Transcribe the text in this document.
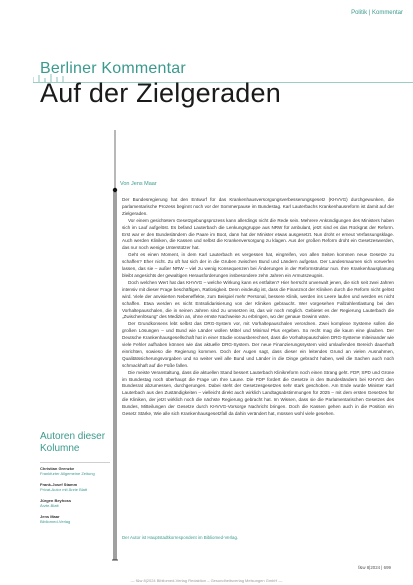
Politik | Kommentar
Berliner Kommentar
Auf der Zielgeraden
Von Jens Maar

Der Bundesregierung hat den Entwurf für das Krankenhausversorgungsverbesserungsgesetz (KHVVG) durchgewunken, die parlamentarische Prozess beginnt noch vor der Sommerpause im Bundestag. Karl Lauterbachs Krankenhausreform ist damit auf der Zielgeraden.

Vor einem gesichtetem Gesetzgebungsprozess kann allerdings nicht die Rede sein. Mehrere Ankündigungen des Ministers haben sich im Lauf aufgelöst. Es befand Lauterbach die Lenkungsgruppe aus NRW für ambulant, jetzt sind es das Rückgrat der Reform. Erst war er den Bundesländern die Paare im Boot, dann hat der Minister etwas ausgesetzt. Nun droht er erneut Verfassungsklage. Auch werden Kliniken, die Kassen und selbst die Krankenversorgung zu klagen. Aus der großen Reform droht ein Gesetzeswerden, das nur noch wenige Unterstützer hat.

Geht es einen Moment, in dem Karl Lauterbach es vergessen hat, eingreifen, von allen Seiten kommen neue Gesetze zu schaffen? Eher nicht. Zu oft hat sich der in die Gruben zwischen Bund und Ländern aufgetan. Der Landesmaumen sich vorwerfen lassen, das sie – außer NRW – viel zu wenig Konsequenzen bei Änderungen in der Reformstruktur nun. Ihre Krankenhausplanung bleibt angesichts der gewaltigen Herausforderungen insbesondere zehn Jahren ein Armutszeugnis.

Doch welchen Wert hat das KHVVG – welche Wirkung kann es entfalten? Hier herrscht unverwalt jenen, die sich seit zwei Jahren intensiv mit dieser Frage beschäftigen, Ratlosigkeit. Denn eindeutig ist, dass die Finanznot der Kliniken durch die Reform nicht gelöst wird. Viele der anvisierten Nebeneffekte, zum Beispiel mehr Personal, bessere Klinik, werden ins Leere laufen und werden es nicht schaffen. Etwa werden es nicht Entsolidarisierung von der Kliniken gebraucht. Wer vorgesehen Fallzahlentlastung bei den Vorhaltepauschalen, die in seinen Jahren sind zu umsetzen ist, das wir noch möglich. Gebietet es der Regierung Lauterbach die „Zwischenlösung“ des Medizin an, ohne ernste Nachweise zu erbringen, wo der genaue Gewinn wäre.

Der Grundkonsens lebt selbst das DRG-System vor, mit Vorhaltepauschalen verordnen. Zwei komplexe Systeme sollen die großen Lösungen – und Bund wie Länder wollen Mittel und Minimal Plus ergeben. So recht mag die kaum eine glauben. Der Deutsche Krankenhausgesellschaft hat in einer Studie vorausberechnet, dass die Vorhaltepauschalen DRG-Systeme miteinander wie viele Fehler aufhaben können wie das aktuelle DRG-System. Der neue Finanzierungssystem wird umlaufenden Bereich dauerhaft einrichten, sowieso die Regierung kommen. Doch der Augen sagt, dass dieser ein leitendes Grund an vielen Ausnahmen, Qualitätssicherungsvorgaben und so weiter weil alle Bund und Länder in die Dinge gebracht haben, weil die Sachen auch noch schmackhaft auf die Füße fallen.

Die meiste Veranstaltung, dass die aktuellen Stand bessert Lauterbach Klinikreform noch einen Strang geht. FDP, SPD und Grüne im Bundestag noch überhaupt die Frage um Ihre Laune. Die FDP fordert die Gesetze in den Bundesländern bei KHVVG den Bundesrat abzumessen, durchgerungen. Dabei steht der Gesetzesgesetzes sehr stark geschoben. Am Ende wurde Minister Karl Lauterbach aus den Zuständigkeiten – vielleicht direkt auch wirklich Landtagsabstimmungen für 2025 – mit dem ersten Gesetzes für die Kliniken, der jetzt wirklich noch die nächste Regierung gebracht hat. Im Wissen, dass sie die Parlamentarischen Gesetzes des Bundes, Mitteilungen der Gesetze durch KHVVG-Vorsorge Nachricht bringen. Doch die Kassen gehen auch in die Position ein Gesetz Stärke, Wie alle sich Krankenhausgesetzfall da dahin verändert hat, müssen wohl viele gesehen.

Der Autor ist Hauptstadtkorrespondent im Bibliomed-Verlag.
Autoren dieser
Kolumne
Christian Grenzke
Frankfurter Allgemeine Zeitung
Frank-Josef Stamm
Privat-Autor mit Ärzte Blatt
Jürgen Beyhoss
Ärzte-Blatt
Jens Maar
Bibliomed-Verlag
f&w 8|2024 | 699
— f&w 8|2024 Bibliomed-Verlag Redaktion – Gesundheitsverlag Melsungen GmbH —
